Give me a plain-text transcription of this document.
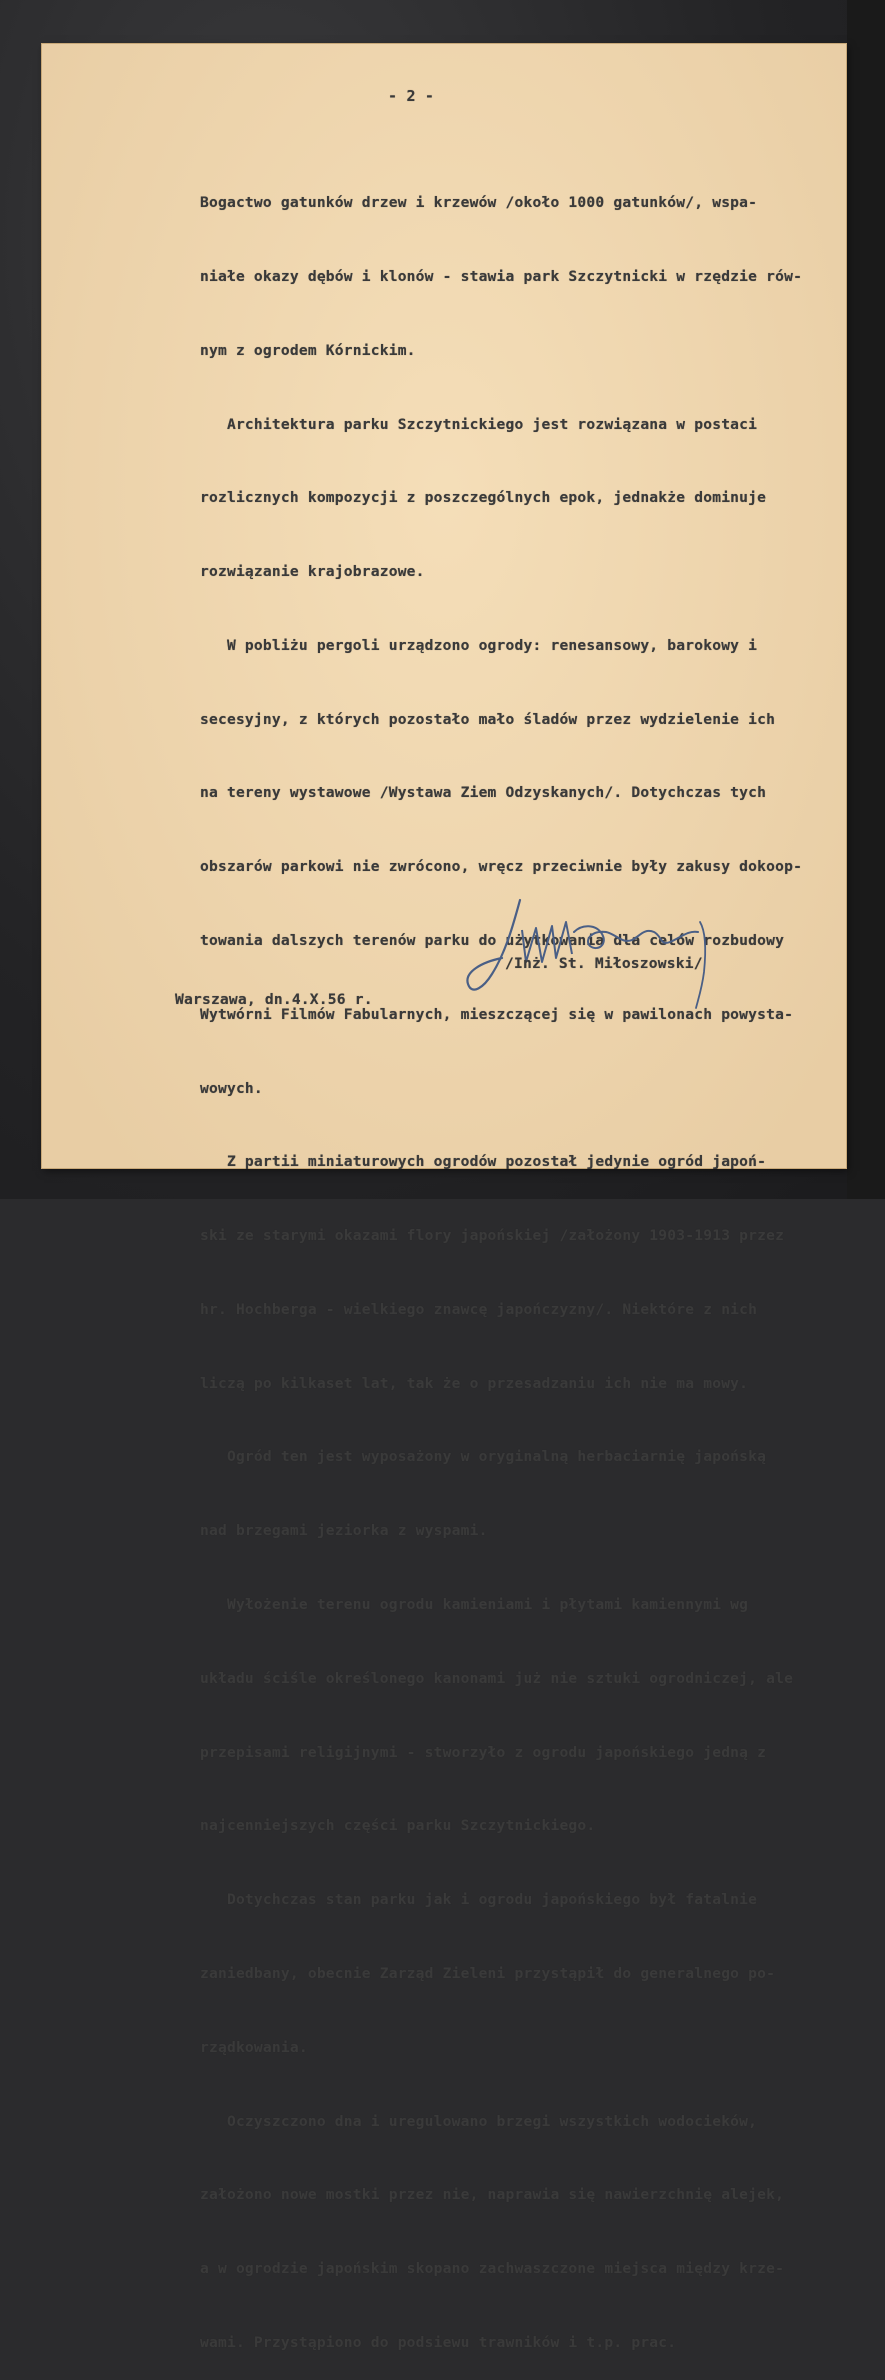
- 2 -

Bogactwo gatunków drzew i krzewów /około 1000 gatunków/, wspa-

niałe okazy dębów i klonów - stawia park Szczytnicki w rzędzie rów-

nym z ogrodem Kórnickim.

Architektura parku Szczytnickiego jest rozwiązana w postaci

rozlicznych kompozycji z poszczególnych epok, jednakże dominuje

rozwiązanie krajobrazowe.

W pobliżu pergoli urządzono ogrody: renesansowy, barokowy i

secesyjny, z których pozostało mało śladów przez wydzielenie ich

na tereny wystawowe /Wystawa Ziem Odzyskanych/. Dotychczas tych

obszarów parkowi nie zwrócono, wręcz przeciwnie były zakusy dokoop-

towania dalszych terenów parku do użytkowania dla celów rozbudowy

Wytwórni Filmów Fabularnych, mieszczącej się w pawilonach powysta-

wowych.

Z partii miniaturowych ogrodów pozostał jedynie ogród japoń-

ski ze starymi okazami flory japońskiej /założony 1903-1913 przez

hr. Hochberga - wielkiego znawcę japończyzny/. Niektóre z nich

liczą po kilkaset lat, tak że o przesadzaniu ich nie ma mowy.

Ogród ten jest wyposażony w oryginalną herbaciarnię japońską

nad brzegami jeziorka z wyspami.

Wyłożenie terenu ogrodu kamieniami i płytami kamiennymi wg

układu ściśle określonego kanonami już nie sztuki ogrodniczej, ale

przepisami religijnymi - stworzyło z ogrodu japońskiego jedną z

najcenniejszych części parku Szczytnickiego.

Dotychczas stan parku jak i ogrodu japońskiego był fatalnie

zaniedbany, obecnie Zarząd Zieleni przystąpił do generalnego po-

rządkowania.

Oczyszczono dna i uregulowano brzegi wszystkich wodocieków,

założono nowe mostki przez nie, naprawia się nawierzchnię alejek,

a w ogrodzie japońskim skopano zachwaszczone miejsca między krze-

wami. Przystąpiono do podsiewu trawników i t.p. prac.

/Inż. St. Miłoszowski/
Warszawa, dn.4.X.56 r.
